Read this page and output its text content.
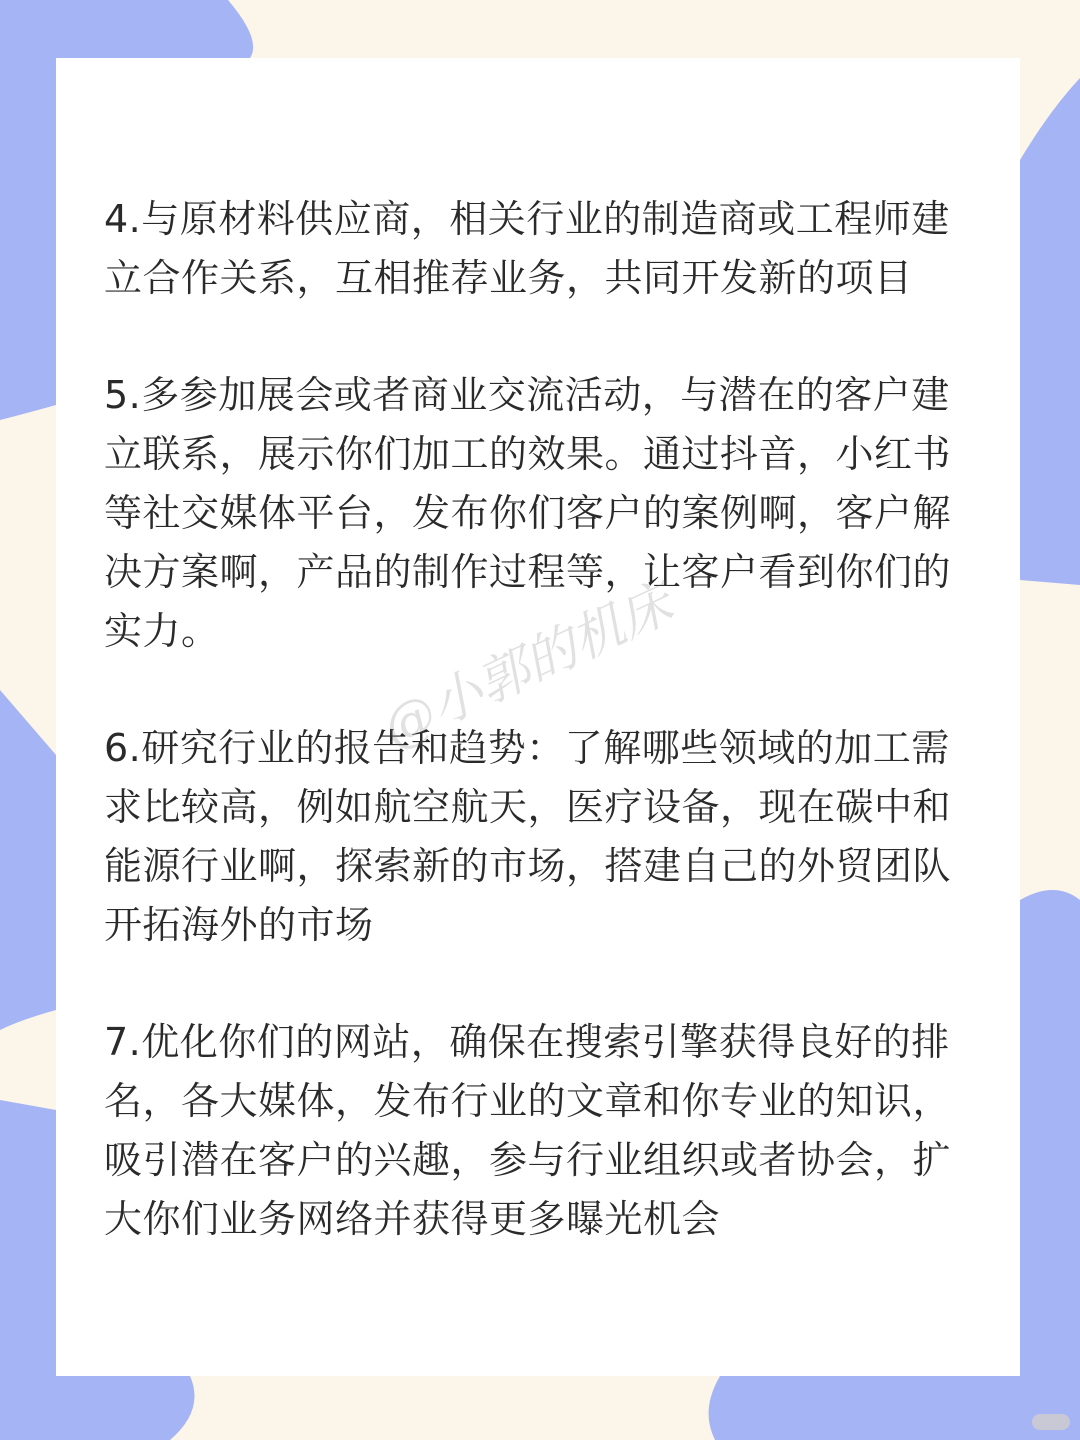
4.与原材料供应商，相关行业的制造商或工程师建立合作关系，互相推荐业务，共同开发新的项目

5.多参加展会或者商业交流活动，与潜在的客户建立联系，展示你们加工的效果。通过抖音，小红书等社交媒体平台，发布你们客户的案例啊，客户解决方案啊，产品的制作过程等，让客户看到你们的实力。

6.研究行业的报告和趋势：了解哪些领域的加工需求比较高，例如航空航天，医疗设备，现在碳中和能源行业啊，探索新的市场，搭建自己的外贸团队开拓海外的市场

7.优化你们的网站，确保在搜索引擎获得良好的排名，各大媒体，发布行业的文章和你专业的知识，吸引潜在客户的兴趣，参与行业组织或者协会，扩大你们业务网络并获得更多曝光机会

@小郭的机床
